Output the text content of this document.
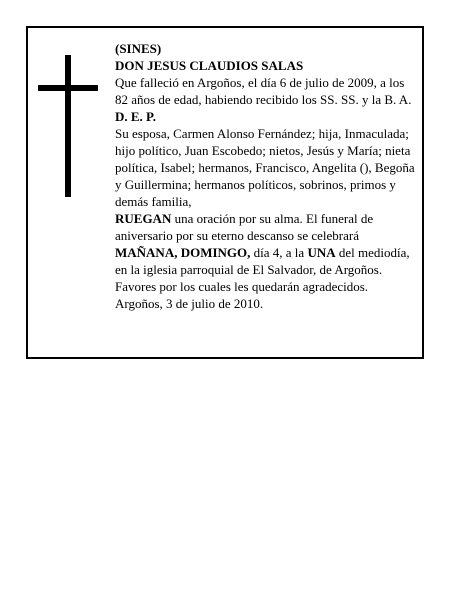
(SINES)

DON JESUS CLAUDIOS SALAS

Que falleció en Argoños, el día 6 de julio de 2009, a los 82 años de edad, habiendo recibido los SS. SS. y la B. A.

D. E. P.

Su esposa, Carmen Alonso Fernández; hija, Inmaculada; hijo político, Juan Escobedo; nietos, Jesús y María; nieta política, Isabel; hermanos, Francisco, Angelita (), Begoña y Guillermina; hermanos políticos, sobrinos, primos y demás familia,

RUEGAN una oración por su alma. El funeral de aniversario por su eterno descanso se celebrará MAÑANA, DOMINGO, día 4, a la UNA del mediodía, en la iglesia parroquial de El Salvador, de Argoños. Favores por los cuales les quedarán agradecidos.

Argoños, 3 de julio de 2010.
